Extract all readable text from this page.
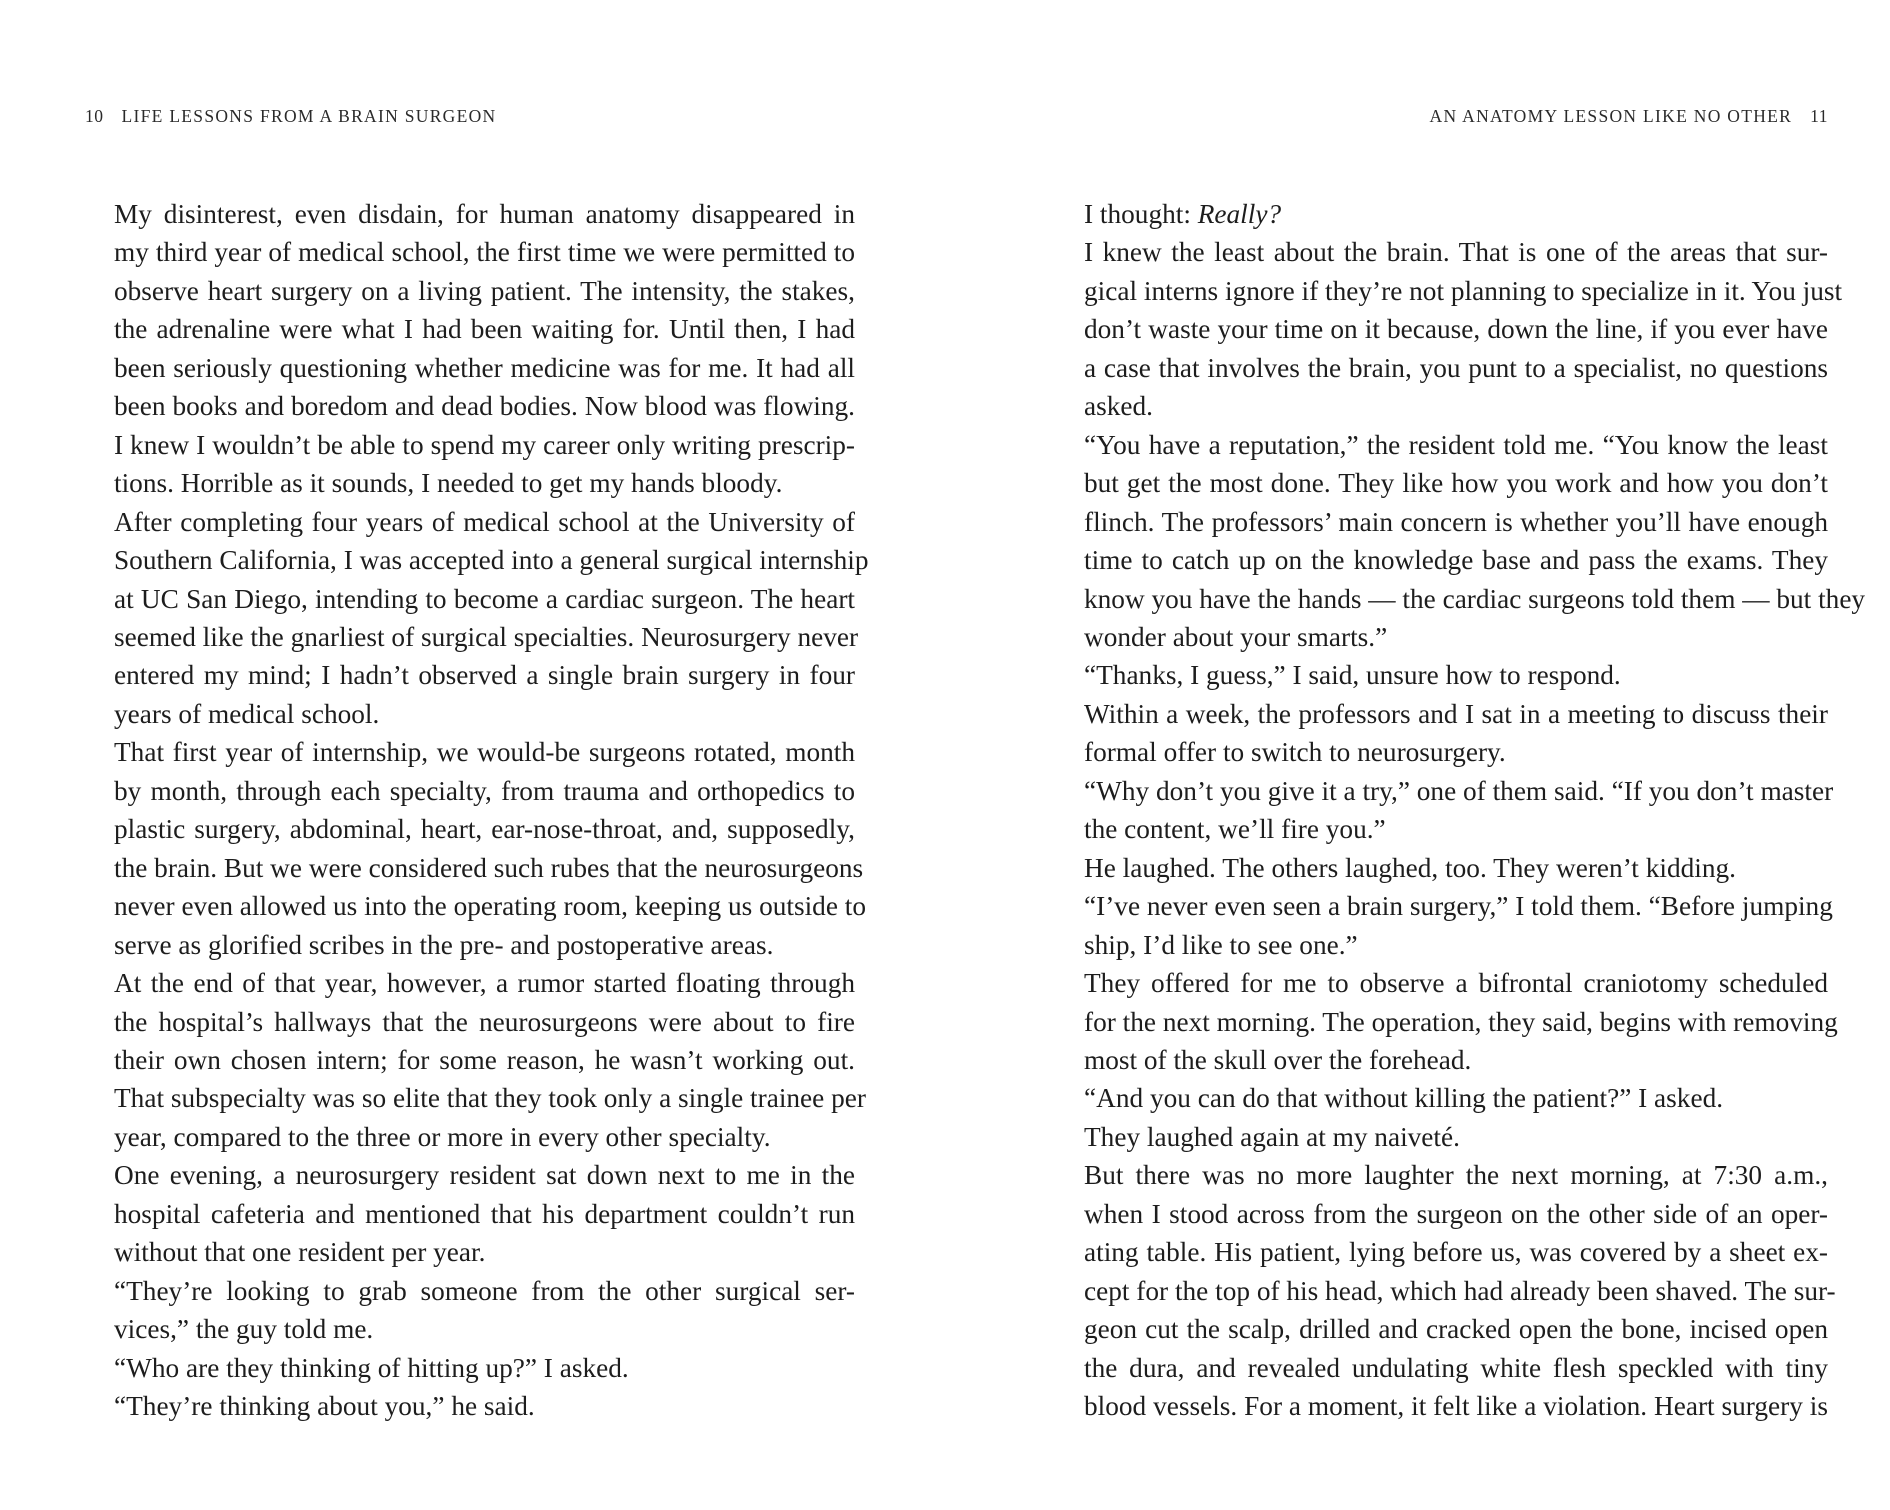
10 LIFE LESSONS FROM A BRAIN SURGEON

My disinterest, even disdain, for human anatomy disappeared in
my third year of medical school, the first time we were permitted to
observe heart surgery on a living patient. The intensity, the stakes,
the adrenaline were what I had been waiting for. Until then, I had
been seriously questioning whether medicine was for me. It had all
been books and boredom and dead bodies. Now blood was flowing.
I knew I wouldn’t be able to spend my career only writing prescrip-
tions. Horrible as it sounds, I needed to get my hands bloody.

After completing four years of medical school at the University of
Southern California, I was accepted into a general surgical internship
at UC San Diego, intending to become a cardiac surgeon. The heart
seemed like the gnarliest of surgical specialties. Neurosurgery never
entered my mind; I hadn’t observed a single brain surgery in four
years of medical school.

That first year of internship, we would-be surgeons rotated, month
by month, through each specialty, from trauma and orthopedics to
plastic surgery, abdominal, heart, ear-nose-throat, and, supposedly,
the brain. But we were considered such rubes that the neurosurgeons
never even allowed us into the operating room, keeping us outside to
serve as glorified scribes in the pre- and postoperative areas.

At the end of that year, however, a rumor started floating through
the hospital’s hallways that the neurosurgeons were about to fire
their own chosen intern; for some reason, he wasn’t working out.
That subspecialty was so elite that they took only a single trainee per
year, compared to the three or more in every other specialty.

One evening, a neurosurgery resident sat down next to me in the
hospital cafeteria and mentioned that his department couldn’t run
without that one resident per year.

“They’re looking to grab someone from the other surgical ser-
vices,” the guy told me.

“Who are they thinking of hitting up?” I asked.

“They’re thinking about you,” he said.

AN ANATOMY LESSON LIKE NO OTHER 11

I thought: Really?

I knew the least about the brain. That is one of the areas that sur-
gical interns ignore if they’re not planning to specialize in it. You just
don’t waste your time on it because, down the line, if you ever have
a case that involves the brain, you punt to a specialist, no questions
asked.

“You have a reputation,” the resident told me. “You know the least
but get the most done. They like how you work and how you don’t
flinch. The professors’ main concern is whether you’ll have enough
time to catch up on the knowledge base and pass the exams. They
know you have the hands — the cardiac surgeons told them — but they
wonder about your smarts.”

“Thanks, I guess,” I said, unsure how to respond.

Within a week, the professors and I sat in a meeting to discuss their
formal offer to switch to neurosurgery.

“Why don’t you give it a try,” one of them said. “If you don’t master
the content, we’ll fire you.”

He laughed. The others laughed, too. They weren’t kidding.

“I’ve never even seen a brain surgery,” I told them. “Before jumping
ship, I’d like to see one.”

They offered for me to observe a bifrontal craniotomy scheduled
for the next morning. The operation, they said, begins with removing
most of the skull over the forehead.

“And you can do that without killing the patient?” I asked.

They laughed again at my naiveté.

But there was no more laughter the next morning, at 7:30 a.m.,
when I stood across from the surgeon on the other side of an oper-
ating table. His patient, lying before us, was covered by a sheet ex-
cept for the top of his head, which had already been shaved. The sur-
geon cut the scalp, drilled and cracked open the bone, incised open
the dura, and revealed undulating white flesh speckled with tiny
blood vessels. For a moment, it felt like a violation. Heart surgery is
